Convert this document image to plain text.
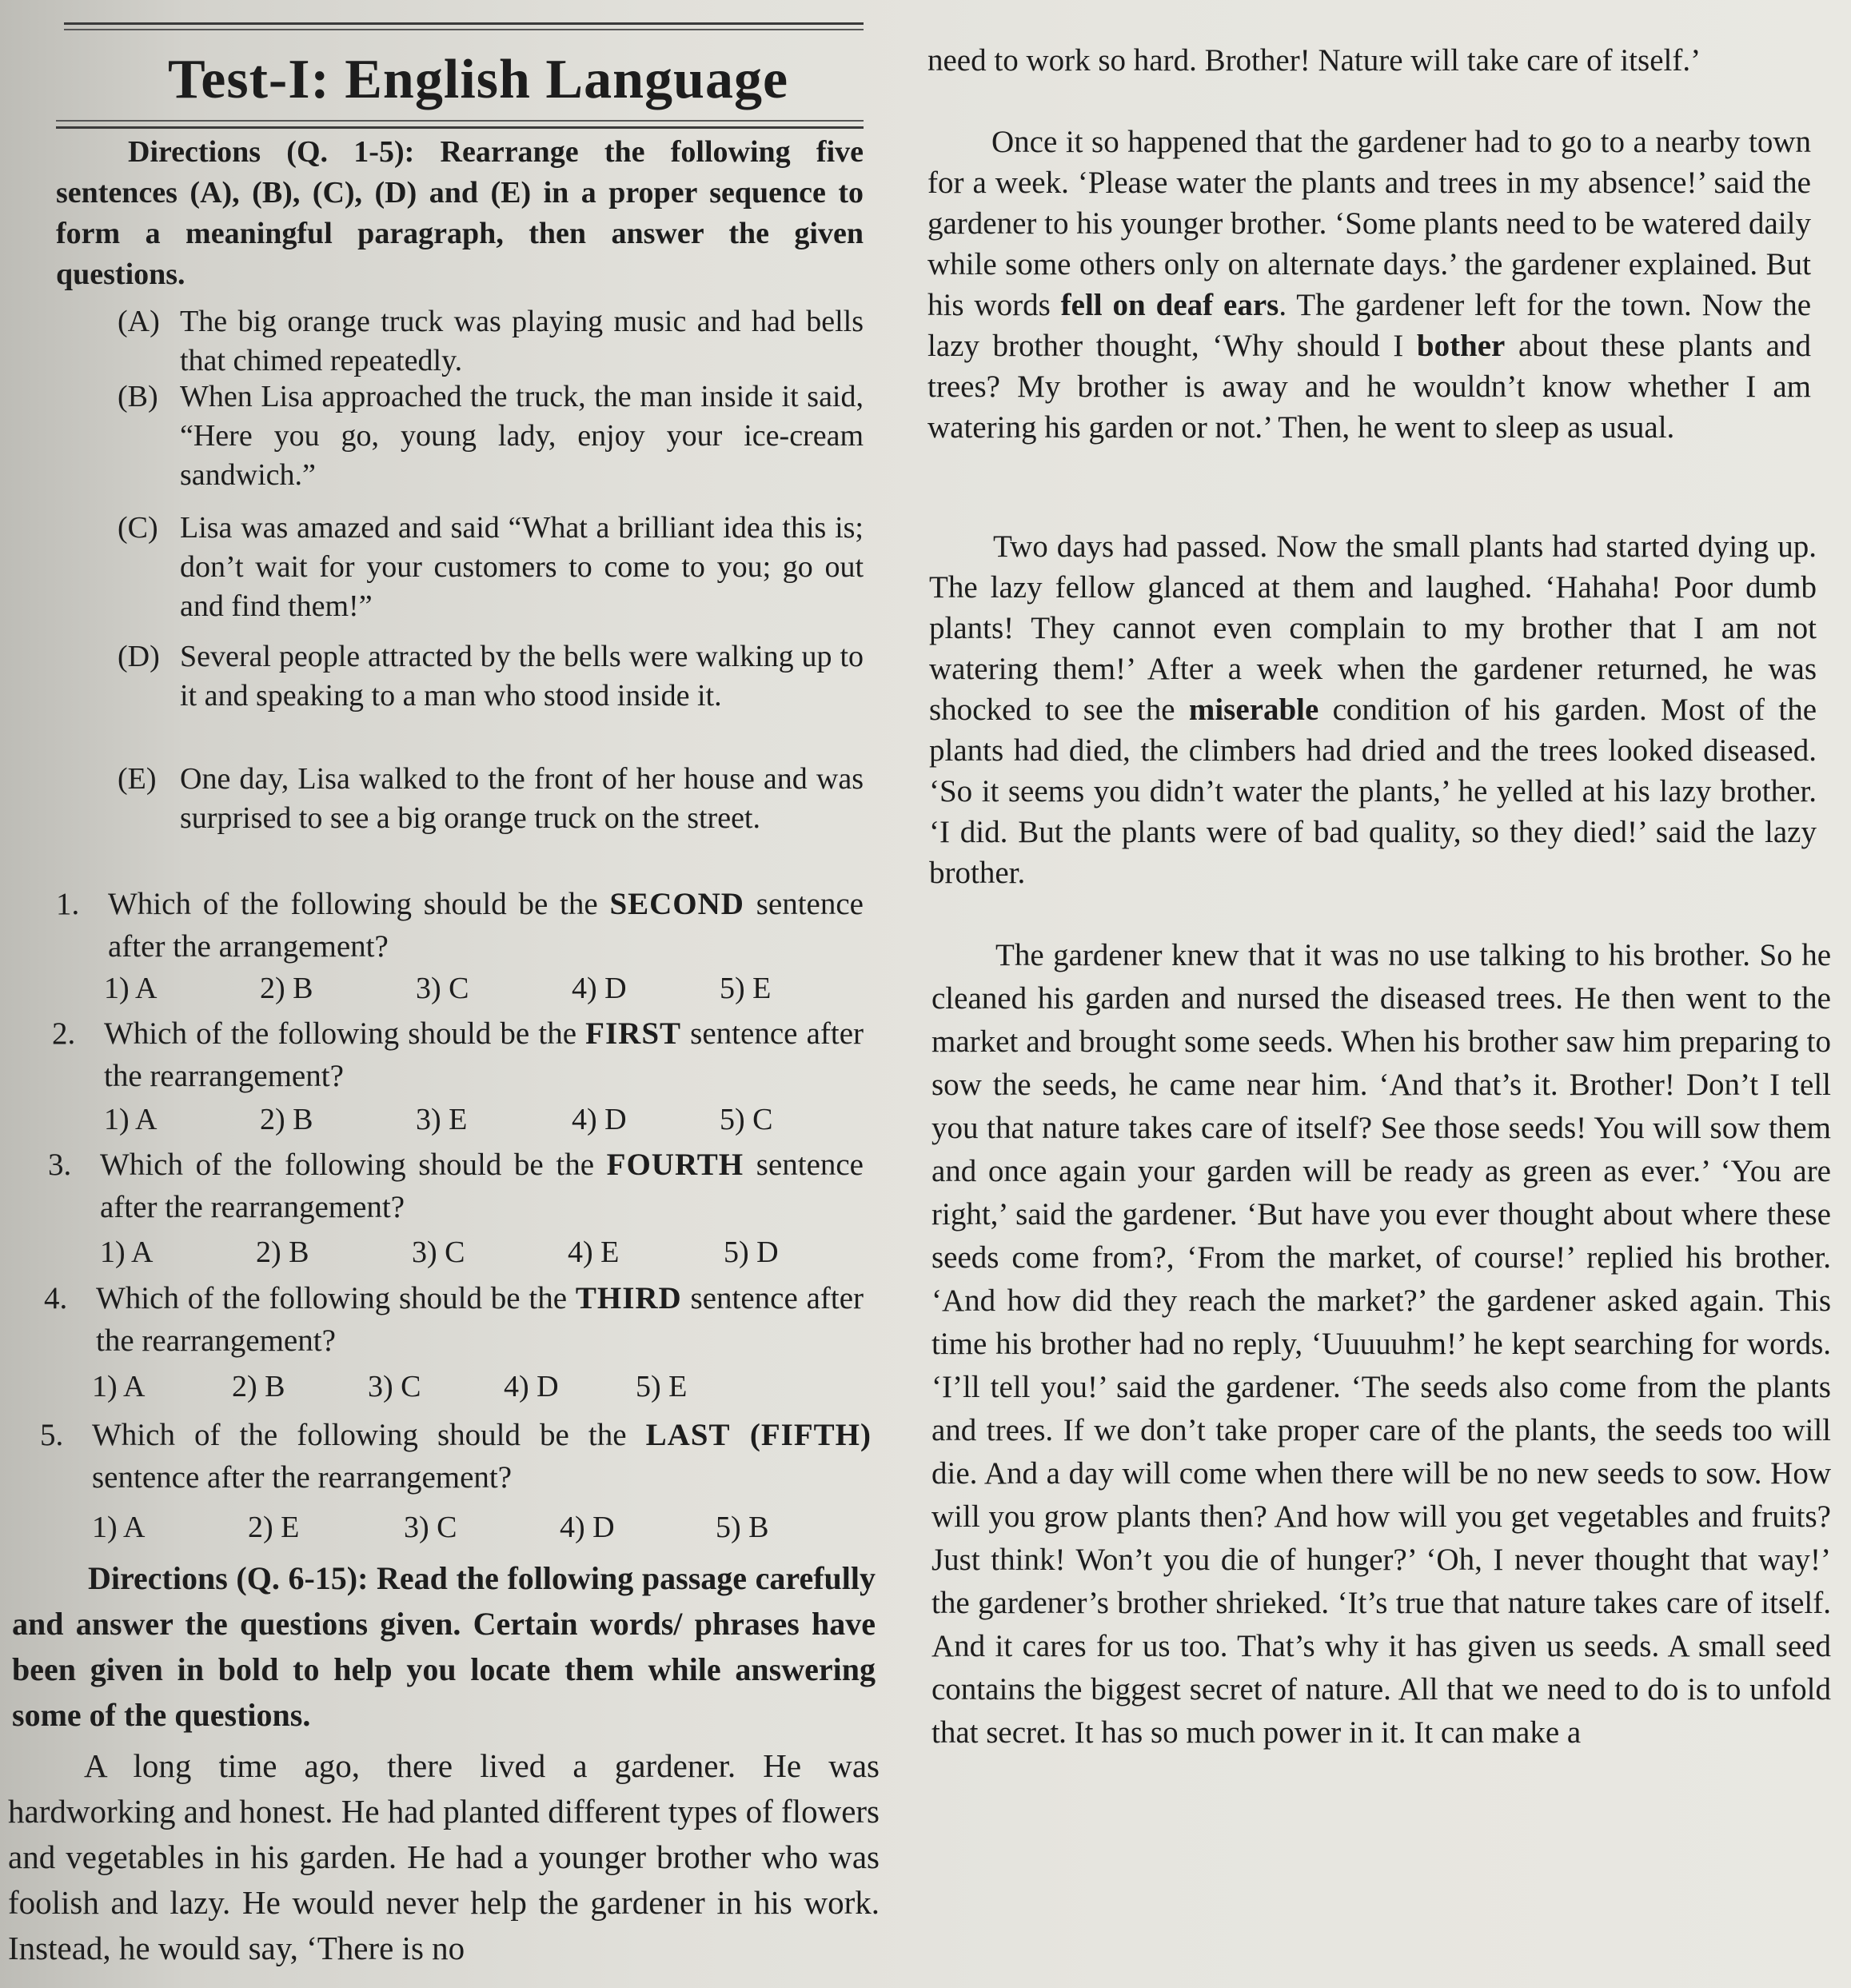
Test-I: English Language

Directions (Q. 1-5): Rearrange the following five sentences (A), (B), (C), (D) and (E) in a proper sequence to form a meaningful paragraph, then answer the given questions.

(A) The big orange truck was playing music and had bells that chimed repeatedly.

(B) When Lisa approached the truck, the man inside it said, “Here you go, young lady, enjoy your ice-cream sandwich.”

(C) Lisa was amazed and said “What a brilliant idea this is; don’t wait for your customers to come to you; go out and find them!”

(D) Several people attracted by the bells were walking up to it and speaking to a man who stood inside it.

(E) One day, Lisa walked to the front of her house and was surprised to see a big orange truck on the street.

1. Which of the following should be the SECOND sentence after the arrangement?

1) A	2) B	3) C	4) D	5) E

2. Which of the following should be the FIRST sentence after the rearrangement?

1) A	2) B	3) E	4) D	5) C

3. Which of the following should be the FOURTH sentence after the rearrangement?

1) A	2) B	3) C	4) E	5) D

4. Which of the following should be the THIRD sentence after the rearrangement?

1) A	2) B	3) C	4) D	5) E

5. Which of the following should be the LAST (FIFTH) sentence after the rearrangement?

1) A	2) E	3) C	4) D	5) B

Directions (Q. 6-15): Read the following passage carefully and answer the questions given. Certain words/ phrases have been given in bold to help you locate them while answering some of the questions.

A long time ago, there lived a gardener. He was hardworking and honest. He had planted different types of flowers and vegetables in his garden. He had a younger brother who was foolish and lazy. He would never help the gardener in his work. Instead, he would say, ‘There is no

need to work so hard. Brother! Nature will take care of itself.’

Once it so happened that the gardener had to go to a nearby town for a week. ‘Please water the plants and trees in my absence!’ said the gardener to his younger brother. ‘Some plants need to be watered daily while some others only on alternate days.’ the gardener explained. But his words fell on deaf ears. The gardener left for the town. Now the lazy brother thought, ‘Why should I bother about these plants and trees? My brother is away and he wouldn’t know whether I am watering his garden or not.’ Then, he went to sleep as usual.

Two days had passed. Now the small plants had started dying up. The lazy fellow glanced at them and laughed. ‘Hahaha! Poor dumb plants! They cannot even complain to my brother that I am not watering them!’ After a week when the gardener returned, he was shocked to see the miserable condition of his garden. Most of the plants had died, the climbers had dried and the trees looked diseased. ‘So it seems you didn’t water the plants,’ he yelled at his lazy brother. ‘I did. But the plants were of bad quality, so they died!’ said the lazy brother.

The gardener knew that it was no use talking to his brother. So he cleaned his garden and nursed the diseased trees. He then went to the market and brought some seeds. When his brother saw him preparing to sow the seeds, he came near him. ‘And that’s it. Brother! Don’t I tell you that nature takes care of itself? See those seeds! You will sow them and once again your garden will be ready as green as ever.’ ‘You are right,’ said the gardener. ‘But have you ever thought about where these seeds come from?, ‘From the market, of course!’ replied his brother. ‘And how did they reach the market?’ the gardener asked again. This time his brother had no reply, ‘Uuuuuhm!’ he kept searching for words. ‘I’ll tell you!’ said the gardener. ‘The seeds also come from the plants and trees. If we don’t take proper care of the plants, the seeds too will die. And a day will come when there will be no new seeds to sow. How will you grow plants then? And how will you get vegetables and fruits? Just think! Won’t you die of hunger?’ ‘Oh, I never thought that way!’ the gardener’s brother shrieked. ‘It’s true that nature takes care of itself. And it cares for us too. That’s why it has given us seeds. A small seed contains the biggest secret of nature. All that we need to do is to unfold that secret. It has so much power in it. It can make a
